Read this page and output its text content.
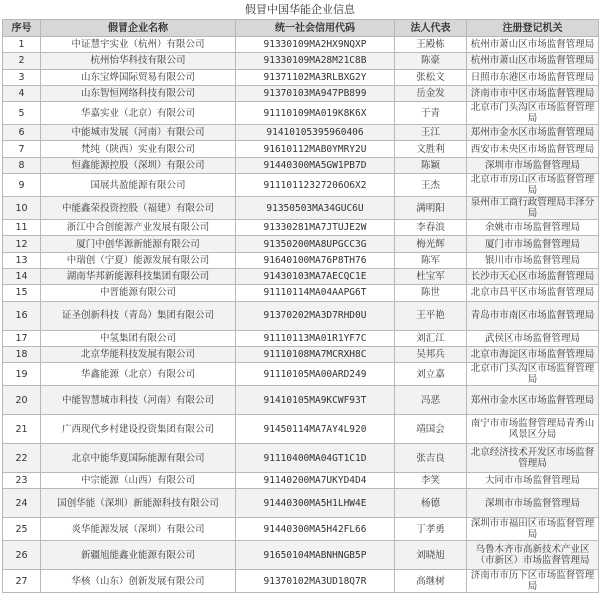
假冒中国华能企业信息
序号	假冒企业名称	统一社会信用代码	法人代表	注册登记机关
1	中证慧宇实业（杭州）有限公司	91330109MA2HX9NQXP	王殿栋	杭州市萧山区市场监督管理局
2	杭州怡华科技有限公司	91330109MA28M21C8B	陈豪	杭州市萧山区市场监督管理局
3	山东宝烨国际贸易有限公司	91371102MA3RLBXG2Y	张松文	日照市东港区市场监督管理局
4	山东智恒网络科技有限公司	91370103MA947PB899	岳金发	济南市市中区市场监督管理局
5	华嘉实业（北京）有限公司	91110109MA019K8K6X	于青	北京市门头沟区市场监督管理局
6	中能城市发展（河南）有限公司	91410105395960406	王江	郑州市金水区市场监督管理局
7	梵纯（陕西）实业有限公司	91610112MAB0YMRY2U	文胜利	西安市未央区市场监督管理局
8	恒鑫能源控股（深圳）有限公司	91440300MA5GW1PB7D	陈颖	深圳市市场监督管理局
9	国展共盈能源有限公司	91110112327206O6X2	王杰	北京市市房山区市场监督管理局
10	中能鑫荣投资控股（福建）有限公司	91350503MA34GUC6U	满明阳	泉州市工商行政管理局丰泽分局
11	浙江中合创能源产业发展有限公司	91330281MA7JTUJE2W	李春浪	余姚市市场监督管理局
12	厦门中创华源新能源有限公司	91350200MA8UPGCC3G	梅光辉	厦门市市场监督管理局
13	中瑞创（宁夏）能源发展有限公司	91640100MA76P8TH76	陈军	银川市市场监督管理局
14	湖南华邦新能源科技集团有限公司	91430103MA7AECQC1E	杜宝军	长沙市天心区市场监督管理局
15	中晋能源有限公司	91110114MA04AAPG6T	陈世	北京市昌平区市场监督管理局
16	证圣创新科技（青岛）集团有限公司	91370202MA3D7RHD0U	王平艳	青岛市市南区市场监督管理局
17	中氢集团有限公司	91110113MA01R1YF7C	刘汇江	武侯区市场监督管理局
18	北京华能科技发展有限公司	91110108MA7MCRXH8C	吴邦兵	北京市海淀区市场监督管理局
19	华鑫能源（北京）有限公司	91110105MA00ARD249	刘立嘉	北京市门头沟区市场监督管理局
20	中能智慧城市科技（河南）有限公司	91410105MA9KCWF93T	冯恶	郑州市金水区市场监督管理局
21	广西现代乡村建设投资集团有限公司	91450114MA7AY4L920	靖国会	南宁市市场监督管理局青秀山风景区分局
22	北京中能华夏国际能源有限公司	91110400MA04GT1C1D	张吉良	北京经济技术开发区市场监督管理局
23	中宗能源（山西）有限公司	91140200MA7UKYD4D4	李笑	大同市市场监督管理局
24	国创华能（深圳）新能源科技有限公司	91440300MA5H1LHW4E	杨德	深圳市市场监督管理局
25	炎华能源发展（深圳）有限公司	91440300MA5H42FL66	丁孝勇	深圳市市福田区市场监督管理局
26	新疆旭能鑫业能源有限公司	91650104MABNHNGB5P	刘晓旭	乌鲁木齐市高新技术产业区（市新区）市场监督管理局
27	华核（山东）创新发展有限公司	91370102MA3UD18Q7R	高继树	济南市市历下区市场监督管理局
